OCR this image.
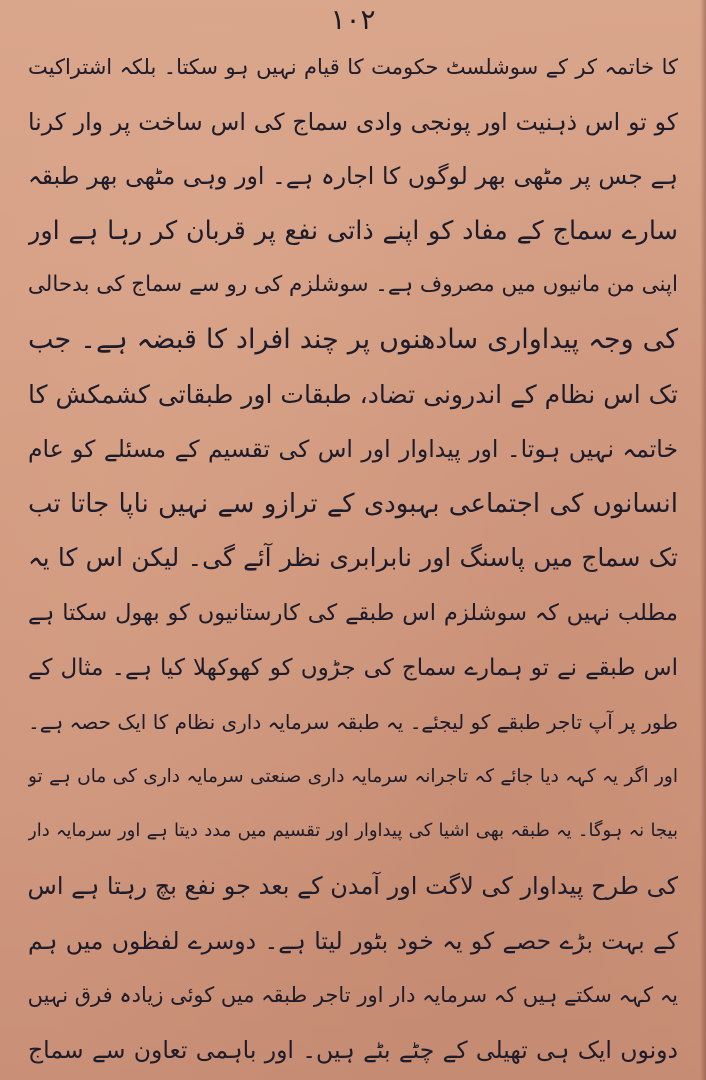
۱۰۲
کا خاتمہ کر کے سوشلسٹ حکومت کا قیام نہیں ہو سکتا۔ بلکہ اشتراکیت
کو تو اس ذہنیت اور پونجی وادی سماج کی اس ساخت پر وار کرنا
ہے جس پر مٹھی بھر لوگوں کا اجارہ ہے۔ اور وہی مٹھی بھر طبقہ
سارے سماج کے مفاد کو اپنے ذاتی نفع پر قربان کر رہا ہے اور
اپنی من مانیوں میں مصروف ہے۔ سوشلزم کی رو سے سماج کی بدحالی
کی وجہ پیداواری سادھنوں پر چند افراد کا قبضہ ہے۔ جب
تک اس نظام کے اندرونی تضاد، طبقات اور طبقاتی کشمکش کا
خاتمہ نہیں ہوتا۔ اور پیداوار اور اس کی تقسیم کے مسئلے کو عام
انسانوں کی اجتماعی بہبودی کے ترازو سے نہیں ناپا جاتا تب
تک سماج میں پاسنگ اور نابرابری نظر آئے گی۔ لیکن اس کا یہ
مطلب نہیں کہ سوشلزم اس طبقے کی کارستانیوں کو بھول سکتا ہے
اس طبقے نے تو ہمارے سماج کی جڑوں کو کھوکھلا کیا ہے۔ مثال کے
طور پر آپ تاجر طبقے کو لیجئے۔ یہ طبقہ سرمایہ داری نظام کا ایک حصہ ہے۔
اور اگر یہ کہہ دیا جائے کہ تاجرانہ سرمایہ داری صنعتی سرمایہ داری کی ماں ہے تو
بیجا نہ ہوگا۔ یہ طبقہ بھی اشیا کی پیداوار اور تقسیم میں مدد دیتا ہے اور سرمایہ دار
کی طرح پیداوار کی لاگت اور آمدن کے بعد جو نفع بچ رہتا ہے اس
کے بہت بڑے حصے کو یہ خود بٹور لیتا ہے۔ دوسرے لفظوں میں ہم
یہ کہہ سکتے ہیں کہ سرمایہ دار اور تاجر طبقہ میں کوئی زیادہ فرق نہیں
دونوں ایک ہی تھیلی کے چٹے بٹے ہیں۔ اور باہمی تعاون سے سماج
